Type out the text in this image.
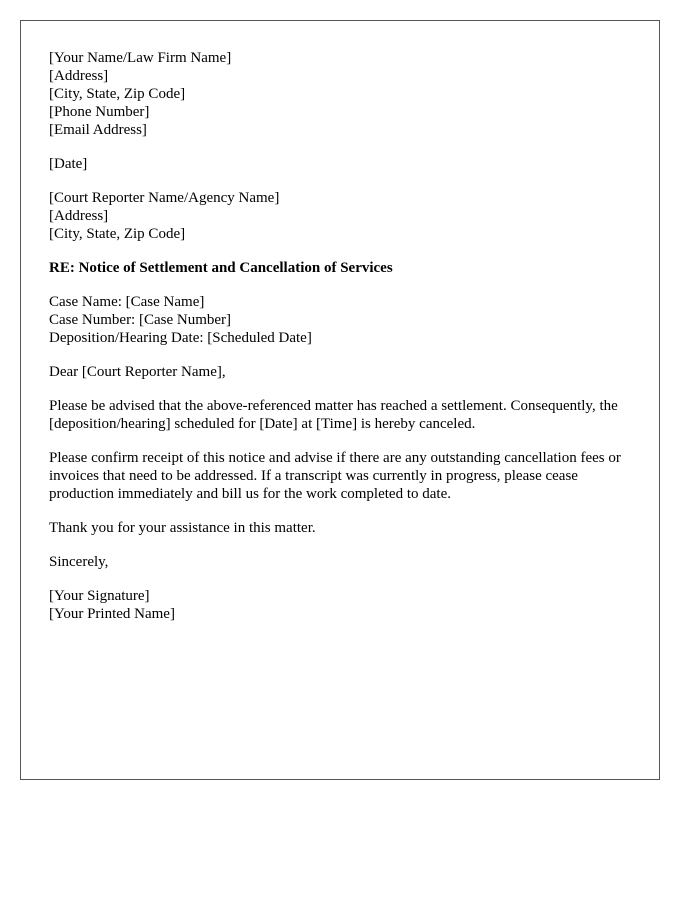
[Your Name/Law Firm Name]
[Address]
[City, State, Zip Code]
[Phone Number]
[Email Address]
[Date]
[Court Reporter Name/Agency Name]
[Address]
[City, State, Zip Code]
RE: Notice of Settlement and Cancellation of Services
Case Name: [Case Name]
Case Number: [Case Number]
Deposition/Hearing Date: [Scheduled Date]
Dear [Court Reporter Name],

Please be advised that the above-referenced matter has reached a settlement. Consequently, the [deposition/hearing] scheduled for [Date] at [Time] is hereby canceled.

Please confirm receipt of this notice and advise if there are any outstanding cancellation fees or invoices that need to be addressed. If a transcript was currently in progress, please cease production immediately and bill us for the work completed to date.

Thank you for your assistance in this matter.

Sincerely,
[Your Signature]
[Your Printed Name]
